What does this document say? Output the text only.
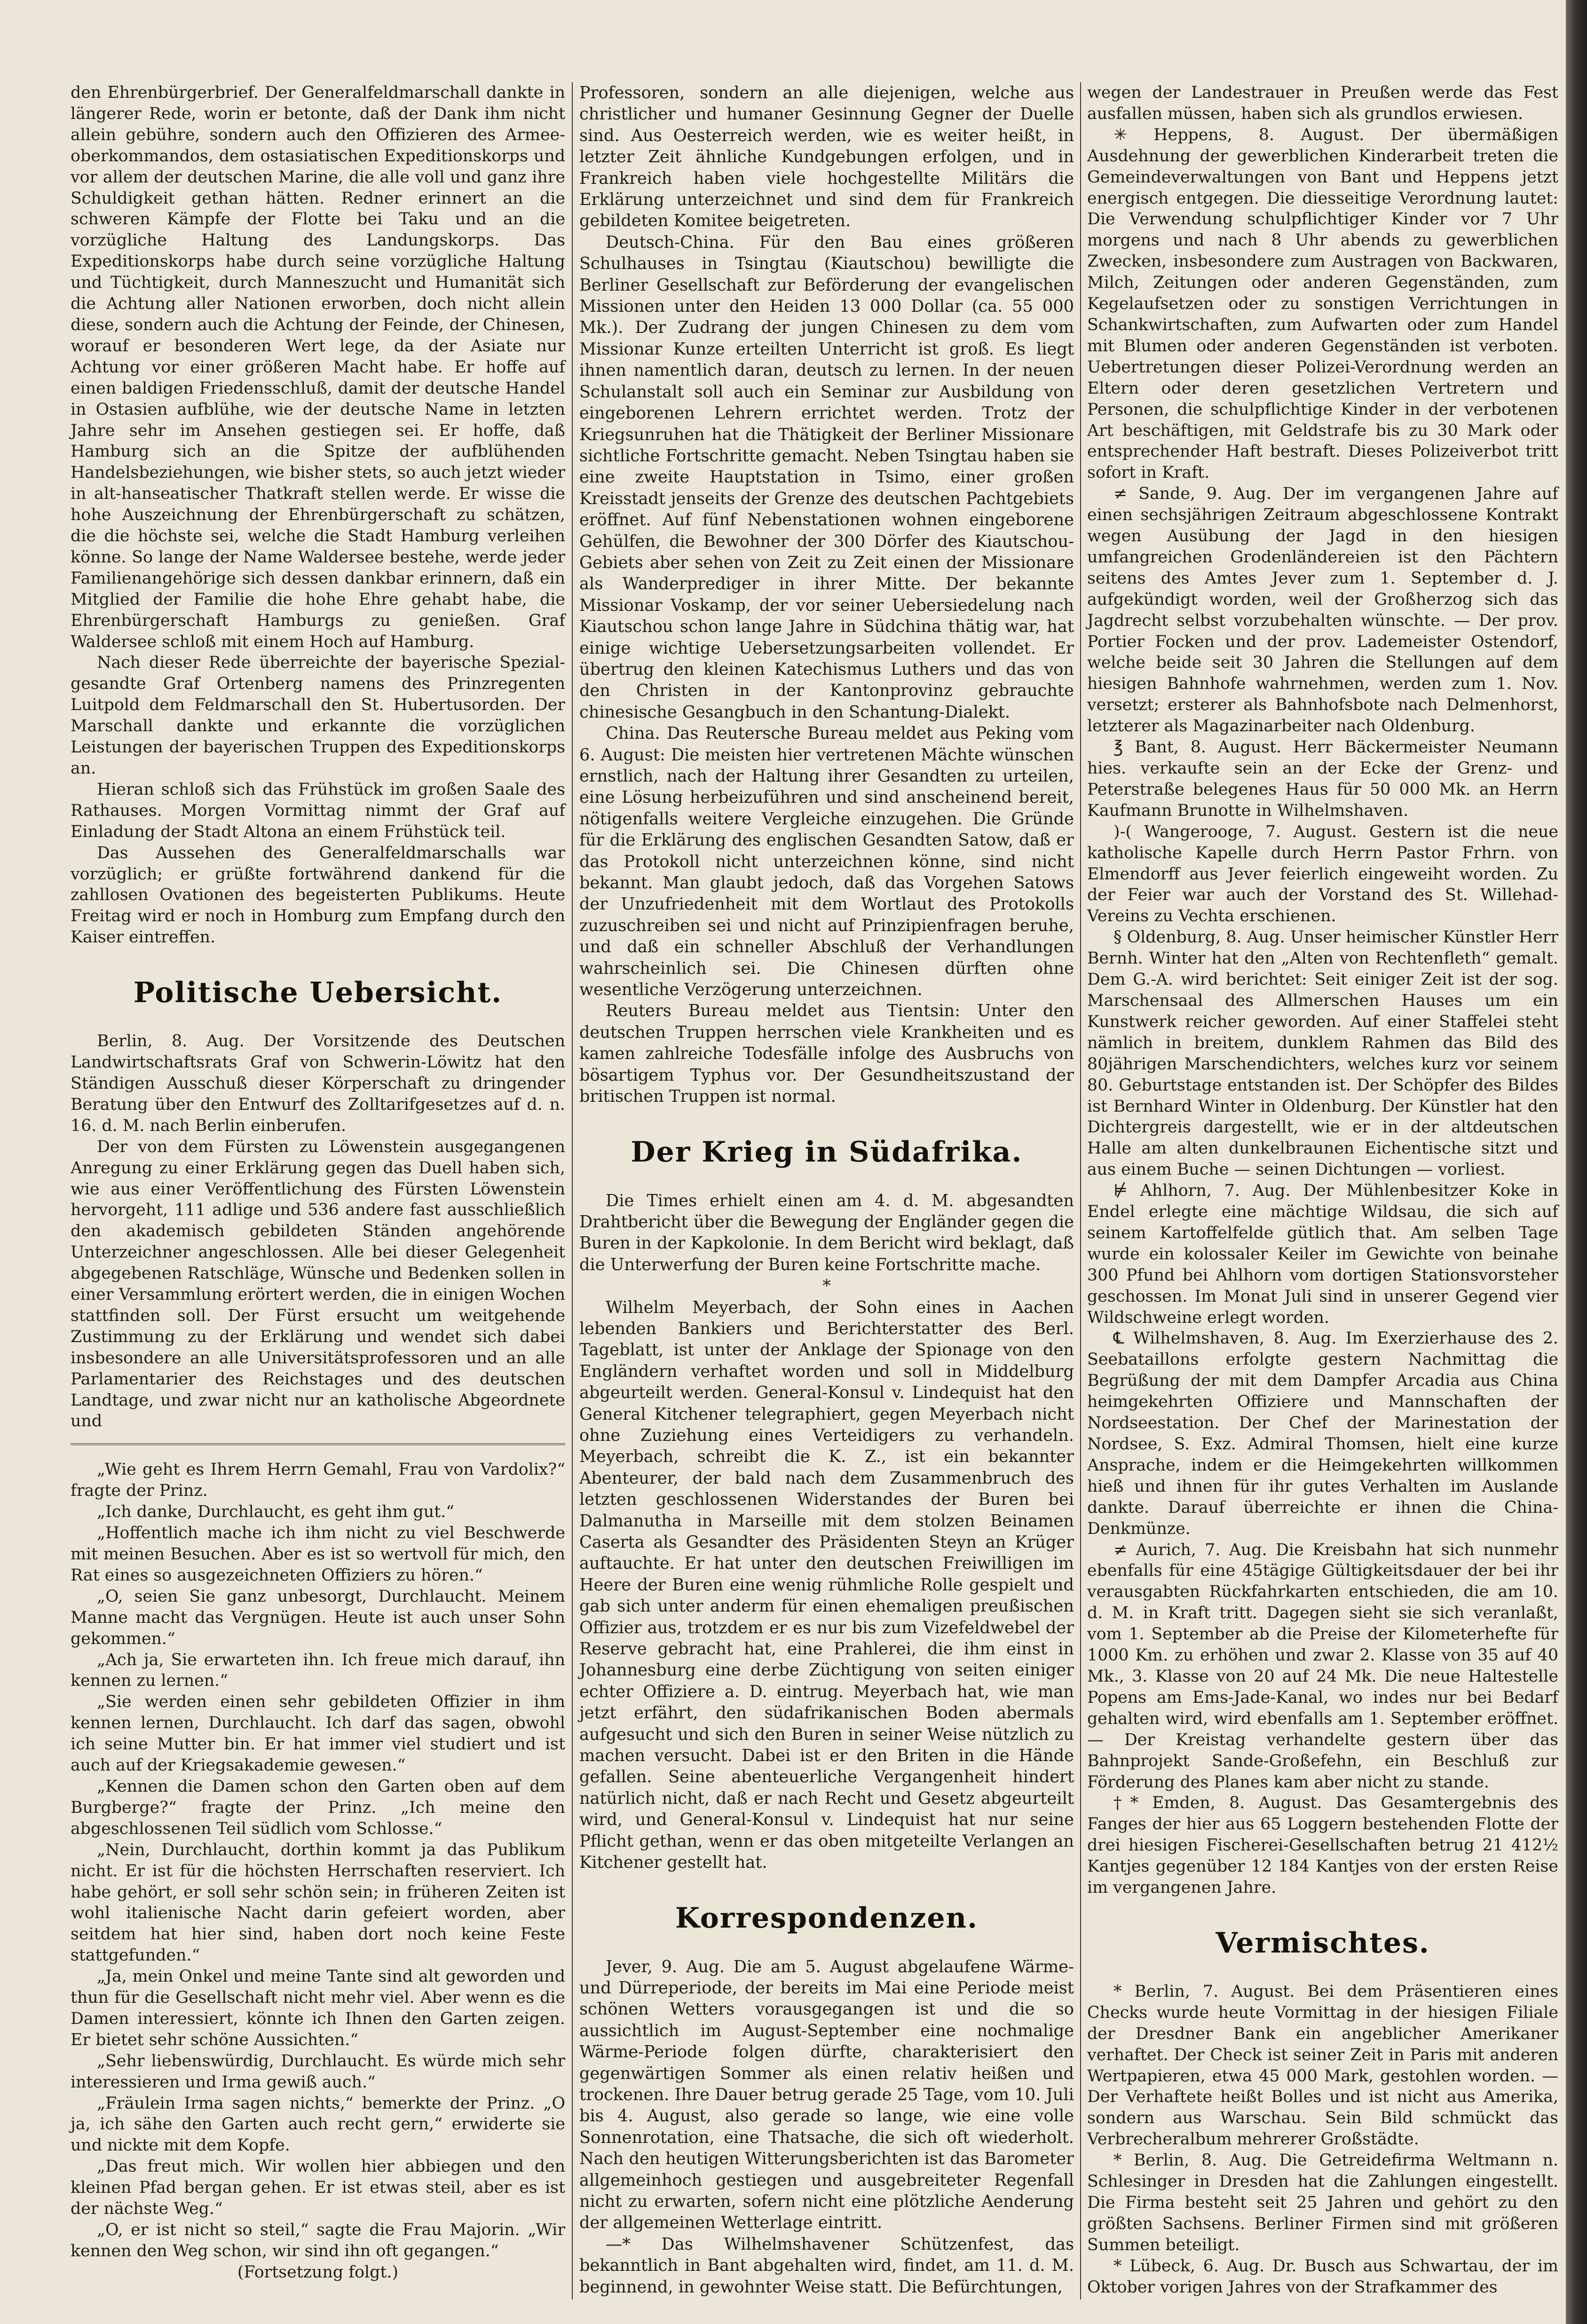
den Ehrenbürgerbrief. Der Generalfeldmarschall dankte in längerer Rede, worin er betonte, daß der Dank ihm nicht allein gebühre, sondern auch den Offizieren des Armee-oberkommandos, dem ostasiatischen Expeditionskorps und vor allem der deutschen Marine, die alle voll und ganz ihre Schuldigkeit gethan hätten. Redner erinnert an die schweren Kämpfe der Flotte bei Taku und an die vorzügliche Haltung des Landungskorps. Das Expeditionskorps habe durch seine vorzügliche Haltung und Tüchtigkeit, durch Manneszucht und Humanität sich die Achtung aller Nationen erworben, doch nicht allein diese, sondern auch die Achtung der Feinde, der Chinesen, worauf er besonderen Wert lege, da der Asiate nur Achtung vor einer größeren Macht habe. Er hoffe auf einen baldigen Friedensschluß, damit der deutsche Handel in Ostasien aufblühe, wie der deutsche Name in letzten Jahre sehr im Ansehen gestiegen sei. Er hoffe, daß Hamburg sich an die Spitze der aufblühenden Handelsbeziehungen, wie bisher stets, so auch jetzt wieder in alt-hanseatischer Thatkraft stellen werde. Er wisse die hohe Auszeichnung der Ehrenbürgerschaft zu schätzen, die die höchste sei, welche die Stadt Hamburg verleihen könne. So lange der Name Waldersee bestehe, werde jeder Familienangehörige sich dessen dankbar erinnern, daß ein Mitglied der Familie die hohe Ehre gehabt habe, die Ehrenbürgerschaft Hamburgs zu genießen. Graf Waldersee schloß mit einem Hoch auf Hamburg.

Nach dieser Rede überreichte der bayerische Spezial-gesandte Graf Ortenberg namens des Prinzregenten Luitpold dem Feldmarschall den St. Hubertusorden. Der Marschall dankte und erkannte die vorzüglichen Leistungen der bayerischen Truppen des Expeditionskorps an.

Hieran schloß sich das Frühstück im großen Saale des Rathauses. Morgen Vormittag nimmt der Graf auf Einladung der Stadt Altona an einem Frühstück teil.

Das Aussehen des Generalfeldmarschalls war vorzüglich; er grüßte fortwährend dankend für die zahllosen Ovationen des begeisterten Publikums. Heute Freitag wird er noch in Homburg zum Empfang durch den Kaiser eintreffen.

Politische Uebersicht.

Berlin, 8. Aug. Der Vorsitzende des Deutschen Landwirtschaftsrats Graf von Schwerin-Löwitz hat den Ständigen Ausschuß dieser Körperschaft zu dringender Beratung über den Entwurf des Zolltarifgesetzes auf d. n. 16. d. M. nach Berlin einberufen.

Der von dem Fürsten zu Löwenstein ausgegangenen Anregung zu einer Erklärung gegen das Duell haben sich, wie aus einer Veröffentlichung des Fürsten Löwenstein hervorgeht, 111 adlige und 536 andere fast ausschließlich den akademisch gebildeten Ständen angehörende Unterzeichner angeschlossen. Alle bei dieser Gelegenheit abgegebenen Ratschläge, Wünsche und Bedenken sollen in einer Versammlung erörtert werden, die in einigen Wochen stattfinden soll. Der Fürst ersucht um weitgehende Zustimmung zu der Erklärung und wendet sich dabei insbesondere an alle Universitätsprofessoren und an alle Parlamentarier des Reichstages und des deutschen Landtage, und zwar nicht nur an katholische Abgeordnete und

„Wie geht es Ihrem Herrn Gemahl, Frau von Vardolix?“ fragte der Prinz.

„Ich danke, Durchlaucht, es geht ihm gut.“

„Hoffentlich mache ich ihm nicht zu viel Beschwerde mit meinen Besuchen. Aber es ist so wertvoll für mich, den Rat eines so ausgezeichneten Offiziers zu hören.“

„O, seien Sie ganz unbesorgt, Durchlaucht. Meinem Manne macht das Vergnügen. Heute ist auch unser Sohn gekommen.“

„Ach ja, Sie erwarteten ihn. Ich freue mich darauf, ihn kennen zu lernen.“

„Sie werden einen sehr gebildeten Offizier in ihm kennen lernen, Durchlaucht. Ich darf das sagen, obwohl ich seine Mutter bin. Er hat immer viel studiert und ist auch auf der Kriegsakademie gewesen.“

„Kennen die Damen schon den Garten oben auf dem Burgberge?“ fragte der Prinz. „Ich meine den abgeschlossenen Teil südlich vom Schlosse.“

„Nein, Durchlaucht, dorthin kommt ja das Publikum nicht. Er ist für die höchsten Herrschaften reserviert. Ich habe gehört, er soll sehr schön sein; in früheren Zeiten ist wohl italienische Nacht darin gefeiert worden, aber seitdem hat hier sind, haben dort noch keine Feste stattgefunden.“

„Ja, mein Onkel und meine Tante sind alt geworden und thun für die Gesellschaft nicht mehr viel. Aber wenn es die Damen interessiert, könnte ich Ihnen den Garten zeigen. Er bietet sehr schöne Aussichten.“

„Sehr liebenswürdig, Durchlaucht. Es würde mich sehr interessieren und Irma gewiß auch.“

„Fräulein Irma sagen nichts,“ bemerkte der Prinz. „O ja, ich sähe den Garten auch recht gern,“ erwiderte sie und nickte mit dem Kopfe.

„Das freut mich. Wir wollen hier abbiegen und den kleinen Pfad bergan gehen. Er ist etwas steil, aber es ist der nächste Weg.“

„O, er ist nicht so steil,“ sagte die Frau Majorin. „Wir kennen den Weg schon, wir sind ihn oft gegangen.“

(Fortsetzung folgt.)

Professoren, sondern an alle diejenigen, welche aus christlicher und humaner Gesinnung Gegner der Duelle sind. Aus Oesterreich werden, wie es weiter heißt, in letzter Zeit ähnliche Kundgebungen erfolgen, und in Frankreich haben viele hochgestellte Militärs die Erklärung unterzeichnet und sind dem für Frankreich gebildeten Komitee beigetreten.

Deutsch-China. Für den Bau eines größeren Schulhauses in Tsingtau (Kiautschou) bewilligte die Berliner Gesellschaft zur Beförderung der evangelischen Missionen unter den Heiden 13 000 Dollar (ca. 55 000 Mk.). Der Zudrang der jungen Chinesen zu dem vom Missionar Kunze erteilten Unterricht ist groß. Es liegt ihnen namentlich daran, deutsch zu lernen. In der neuen Schulanstalt soll auch ein Seminar zur Ausbildung von eingeborenen Lehrern errichtet werden. Trotz der Kriegsunruhen hat die Thätigkeit der Berliner Missionare sichtliche Fortschritte gemacht. Neben Tsingtau haben sie eine zweite Hauptstation in Tsimo, einer großen Kreisstadt jenseits der Grenze des deutschen Pachtgebiets eröffnet. Auf fünf Nebenstationen wohnen eingeborene Gehülfen, die Bewohner der 300 Dörfer des Kiautschou-Gebiets aber sehen von Zeit zu Zeit einen der Missionare als Wanderprediger in ihrer Mitte. Der bekannte Missionar Voskamp, der vor seiner Uebersiedelung nach Kiautschou schon lange Jahre in Südchina thätig war, hat einige wichtige Uebersetzungsarbeiten vollendet. Er übertrug den kleinen Katechismus Luthers und das von den Christen in der Kantonprovinz gebrauchte chinesische Gesangbuch in den Schantung-Dialekt.

China. Das Reutersche Bureau meldet aus Peking vom 6. August: Die meisten hier vertretenen Mächte wünschen ernstlich, nach der Haltung ihrer Gesandten zu urteilen, eine Lösung herbeizuführen und sind anscheinend bereit, nötigenfalls weitere Vergleiche einzugehen. Die Gründe für die Erklärung des englischen Gesandten Satow, daß er das Protokoll nicht unterzeichnen könne, sind nicht bekannt. Man glaubt jedoch, daß das Vorgehen Satows der Unzufriedenheit mit dem Wortlaut des Protokolls zuzuschreiben sei und nicht auf Prinzipienfragen beruhe, und daß ein schneller Abschluß der Verhandlungen wahrscheinlich sei. Die Chinesen dürften ohne wesentliche Verzögerung unterzeichnen.

Reuters Bureau meldet aus Tientsin: Unter den deutschen Truppen herrschen viele Krankheiten und es kamen zahlreiche Todesfälle infolge des Ausbruchs von bösartigem Typhus vor. Der Gesundheitszustand der britischen Truppen ist normal.

Der Krieg in Südafrika.

Die Times erhielt einen am 4. d. M. abgesandten Drahtbericht über die Bewegung der Engländer gegen die Buren in der Kapkolonie. In dem Bericht wird beklagt, daß die Unterwerfung der Buren keine Fortschritte mache.

*

Wilhelm Meyerbach, der Sohn eines in Aachen lebenden Bankiers und Berichterstatter des Berl. Tageblatt, ist unter der Anklage der Spionage von den Engländern verhaftet worden und soll in Middelburg abgeurteilt werden. General-Konsul v. Lindequist hat den General Kitchener telegraphiert, gegen Meyerbach nicht ohne Zuziehung eines Verteidigers zu verhandeln. Meyerbach, schreibt die K. Z., ist ein bekannter Abenteurer, der bald nach dem Zusammenbruch des letzten geschlossenen Widerstandes der Buren bei Dalmanutha in Marseille mit dem stolzen Beinamen Caserta als Gesandter des Präsidenten Steyn an Krüger auftauchte. Er hat unter den deutschen Freiwilligen im Heere der Buren eine wenig rühmliche Rolle gespielt und gab sich unter anderm für einen ehemaligen preußischen Offizier aus, trotzdem er es nur bis zum Vizefeldwebel der Reserve gebracht hat, eine Prahlerei, die ihm einst in Johannesburg eine derbe Züchtigung von seiten einiger echter Offiziere a. D. eintrug. Meyerbach hat, wie man jetzt erfährt, den südafrikanischen Boden abermals aufgesucht und sich den Buren in seiner Weise nützlich zu machen versucht. Dabei ist er den Briten in die Hände gefallen. Seine abenteuerliche Vergangenheit hindert natürlich nicht, daß er nach Recht und Gesetz abgeurteilt wird, und General-Konsul v. Lindequist hat nur seine Pflicht gethan, wenn er das oben mitgeteilte Verlangen an Kitchener gestellt hat.

Korrespondenzen.

Jever, 9. Aug. Die am 5. August abgelaufene Wärme- und Dürreperiode, der bereits im Mai eine Periode meist schönen Wetters vorausgegangen ist und die so aussichtlich im August-September eine nochmalige Wärme-Periode folgen dürfte, charakterisiert den gegenwärtigen Sommer als einen relativ heißen und trockenen. Ihre Dauer betrug gerade 25 Tage, vom 10. Juli bis 4. August, also gerade so lange, wie eine volle Sonnenrotation, eine Thatsache, die sich oft wiederholt. Nach den heutigen Witterungsberichten ist das Barometer allgemeinhoch gestiegen und ausgebreiteter Regenfall nicht zu erwarten, sofern nicht eine plötzliche Aenderung der allgemeinen Wetterlage eintritt.

—* Das Wilhelmshavener Schützenfest, das bekanntlich in Bant abgehalten wird, findet, am 11. d. M. beginnend, in gewohnter Weise statt. Die Befürchtungen,

wegen der Landestrauer in Preußen werde das Fest ausfallen müssen, haben sich als grundlos erwiesen.

✳ Heppens, 8. August. Der übermäßigen Ausdehnung der gewerblichen Kinderarbeit treten die Gemeindeverwaltungen von Bant und Heppens jetzt energisch entgegen. Die diesseitige Verordnung lautet: Die Verwendung schulpflichtiger Kinder vor 7 Uhr morgens und nach 8 Uhr abends zu gewerblichen Zwecken, insbesondere zum Austragen von Backwaren, Milch, Zeitungen oder anderen Gegenständen, zum Kegelaufsetzen oder zu sonstigen Verrichtungen in Schankwirtschaften, zum Aufwarten oder zum Handel mit Blumen oder anderen Gegenständen ist verboten. Uebertretungen dieser Polizei-Verordnung werden an Eltern oder deren gesetzlichen Vertretern und Personen, die schulpflichtige Kinder in der verbotenen Art beschäftigen, mit Geldstrafe bis zu 30 Mark oder entsprechender Haft bestraft. Dieses Polizeiverbot tritt sofort in Kraft.

≠ Sande, 9. Aug. Der im vergangenen Jahre auf einen sechsjährigen Zeitraum abgeschlossene Kontrakt wegen Ausübung der Jagd in den hiesigen umfangreichen Grodenländereien ist den Pächtern seitens des Amtes Jever zum 1. September d. J. aufgekündigt worden, weil der Großherzog sich das Jagdrecht selbst vorzubehalten wünschte. — Der prov. Portier Focken und der prov. Lademeister Ostendorf, welche beide seit 30 Jahren die Stellungen auf dem hiesigen Bahnhofe wahrnehmen, werden zum 1. Nov. versetzt; ersterer als Bahnhofsbote nach Delmenhorst, letzterer als Magazinarbeiter nach Oldenburg.

℥ Bant, 8. August. Herr Bäckermeister Neumann hies. verkaufte sein an der Ecke der Grenz- und Peterstraße belegenes Haus für 50 000 Mk. an Herrn Kaufmann Brunotte in Wilhelmshaven.

)-( Wangerooge, 7. August. Gestern ist die neue katholische Kapelle durch Herrn Pastor Frhrn. von Elmendorff aus Jever feierlich eingeweiht worden. Zu der Feier war auch der Vorstand des St. Willehad-Vereins zu Vechta erschienen.

§ Oldenburg, 8. Aug. Unser heimischer Künstler Herr Bernh. Winter hat den „Alten von Rechtenfleth“ gemalt. Dem G.-A. wird berichtet: Seit einiger Zeit ist der sog. Marschensaal des Allmerschen Hauses um ein Kunstwerk reicher geworden. Auf einer Staffelei steht nämlich in breitem, dunklem Rahmen das Bild des 80jährigen Marschendichters, welches kurz vor seinem 80. Geburtstage entstanden ist. Der Schöpfer des Bildes ist Bernhard Winter in Oldenburg. Der Künstler hat den Dichtergreis dargestellt, wie er in der altdeutschen Halle am alten dunkelbraunen Eichentische sitzt und aus einem Buche — seinen Dichtungen — vorliest.

⊭ Ahlhorn, 7. Aug. Der Mühlenbesitzer Koke in Endel erlegte eine mächtige Wildsau, die sich auf seinem Kartoffelfelde gütlich that. Am selben Tage wurde ein kolossaler Keiler im Gewichte von beinahe 300 Pfund bei Ahlhorn vom dortigen Stationsvorsteher geschossen. Im Monat Juli sind in unserer Gegend vier Wildschweine erlegt worden.

℄ Wilhelmshaven, 8. Aug. Im Exerzierhause des 2. Seebataillons erfolgte gestern Nachmittag die Begrüßung der mit dem Dampfer Arcadia aus China heimgekehrten Offiziere und Mannschaften der Nordseestation. Der Chef der Marinestation der Nordsee, S. Exz. Admiral Thomsen, hielt eine kurze Ansprache, indem er die Heimgekehrten willkommen hieß und ihnen für ihr gutes Verhalten im Auslande dankte. Darauf überreichte er ihnen die China-Denkmünze.

≠ Aurich, 7. Aug. Die Kreisbahn hat sich nunmehr ebenfalls für eine 45tägige Gültigkeitsdauer der bei ihr verausgabten Rückfahrkarten entschieden, die am 10. d. M. in Kraft tritt. Dagegen sieht sie sich veranlaßt, vom 1. September ab die Preise der Kilometerhefte für 1000 Km. zu erhöhen und zwar 2. Klasse von 35 auf 40 Mk., 3. Klasse von 20 auf 24 Mk. Die neue Haltestelle Popens am Ems-Jade-Kanal, wo indes nur bei Bedarf gehalten wird, wird ebenfalls am 1. September eröffnet. — Der Kreistag verhandelte gestern über das Bahnprojekt Sande-Großefehn, ein Beschluß zur Förderung des Planes kam aber nicht zu stande.

†* Emden, 8. August. Das Gesamtergebnis des Fanges der hier aus 65 Loggern bestehenden Flotte der drei hiesigen Fischerei-Gesellschaften betrug 21 412½ Kantjes gegenüber 12 184 Kantjes von der ersten Reise im vergangenen Jahre.

Vermischtes.

* Berlin, 7. August. Bei dem Präsentieren eines Checks wurde heute Vormittag in der hiesigen Filiale der Dresdner Bank ein angeblicher Amerikaner verhaftet. Der Check ist seiner Zeit in Paris mit anderen Wertpapieren, etwa 45 000 Mark, gestohlen worden. — Der Verhaftete heißt Bolles und ist nicht aus Amerika, sondern aus Warschau. Sein Bild schmückt das Verbrecheralbum mehrerer Großstädte.

* Berlin, 8. Aug. Die Getreidefirma Weltmann n. Schlesinger in Dresden hat die Zahlungen eingestellt. Die Firma besteht seit 25 Jahren und gehört zu den größten Sachsens. Berliner Firmen sind mit größeren Summen beteiligt.

* Lübeck, 6. Aug. Dr. Busch aus Schwartau, der im Oktober vorigen Jahres von der Strafkammer des
